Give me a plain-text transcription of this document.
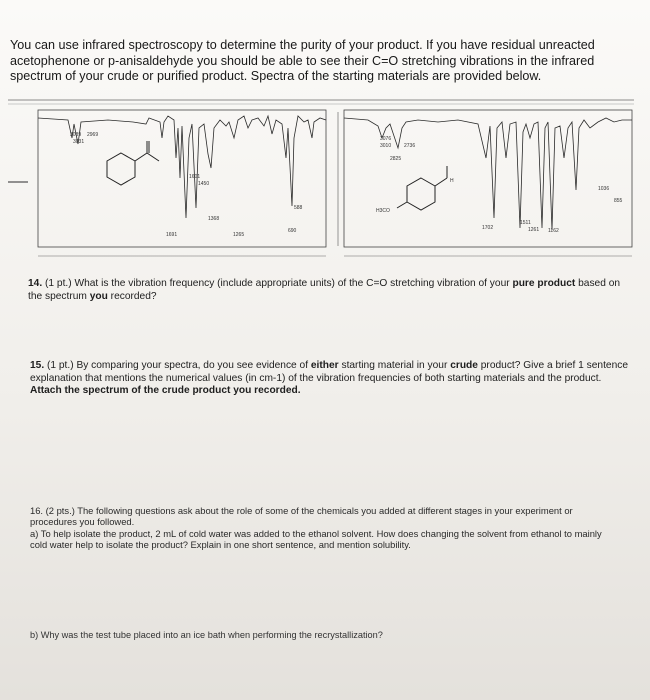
You can use infrared spectroscopy to determine the purity of your product. If you have residual unreacted acetophenone or p-anisaldehyde you should be able to see their C=O stretching vibrations in the infrared spectrum of your crude or purified product. Spectra of the starting materials are provided below.

3089 2969
3031
1601
1450
1368
588
1691	1265
690
3076
3010	2736
2825
H
H3CO
1036
855
1511
1702	1261 1162

14. (1 pt.) What is the vibration frequency (include appropriate units) of the C=O stretching vibration of your pure product based on the spectrum you recorded?

15. (1 pt.) By comparing your spectra, do you see evidence of either starting material in your crude product? Give a brief 1 sentence explanation that mentions the numerical values (in cm-1) of the vibration frequencies of both starting materials and the product. Attach the spectrum of the crude product you recorded.

16. (2 pts.) The following questions ask about the role of some of the chemicals you added at different stages in your experiment or procedures you followed.

a) To help isolate the product, 2 mL of cold water was added to the ethanol solvent. How does changing the solvent from ethanol to mainly cold water help to isolate the product? Explain in one short sentence, and mention solubility.

b) Why was the test tube placed into an ice bath when performing the recrystallization?
